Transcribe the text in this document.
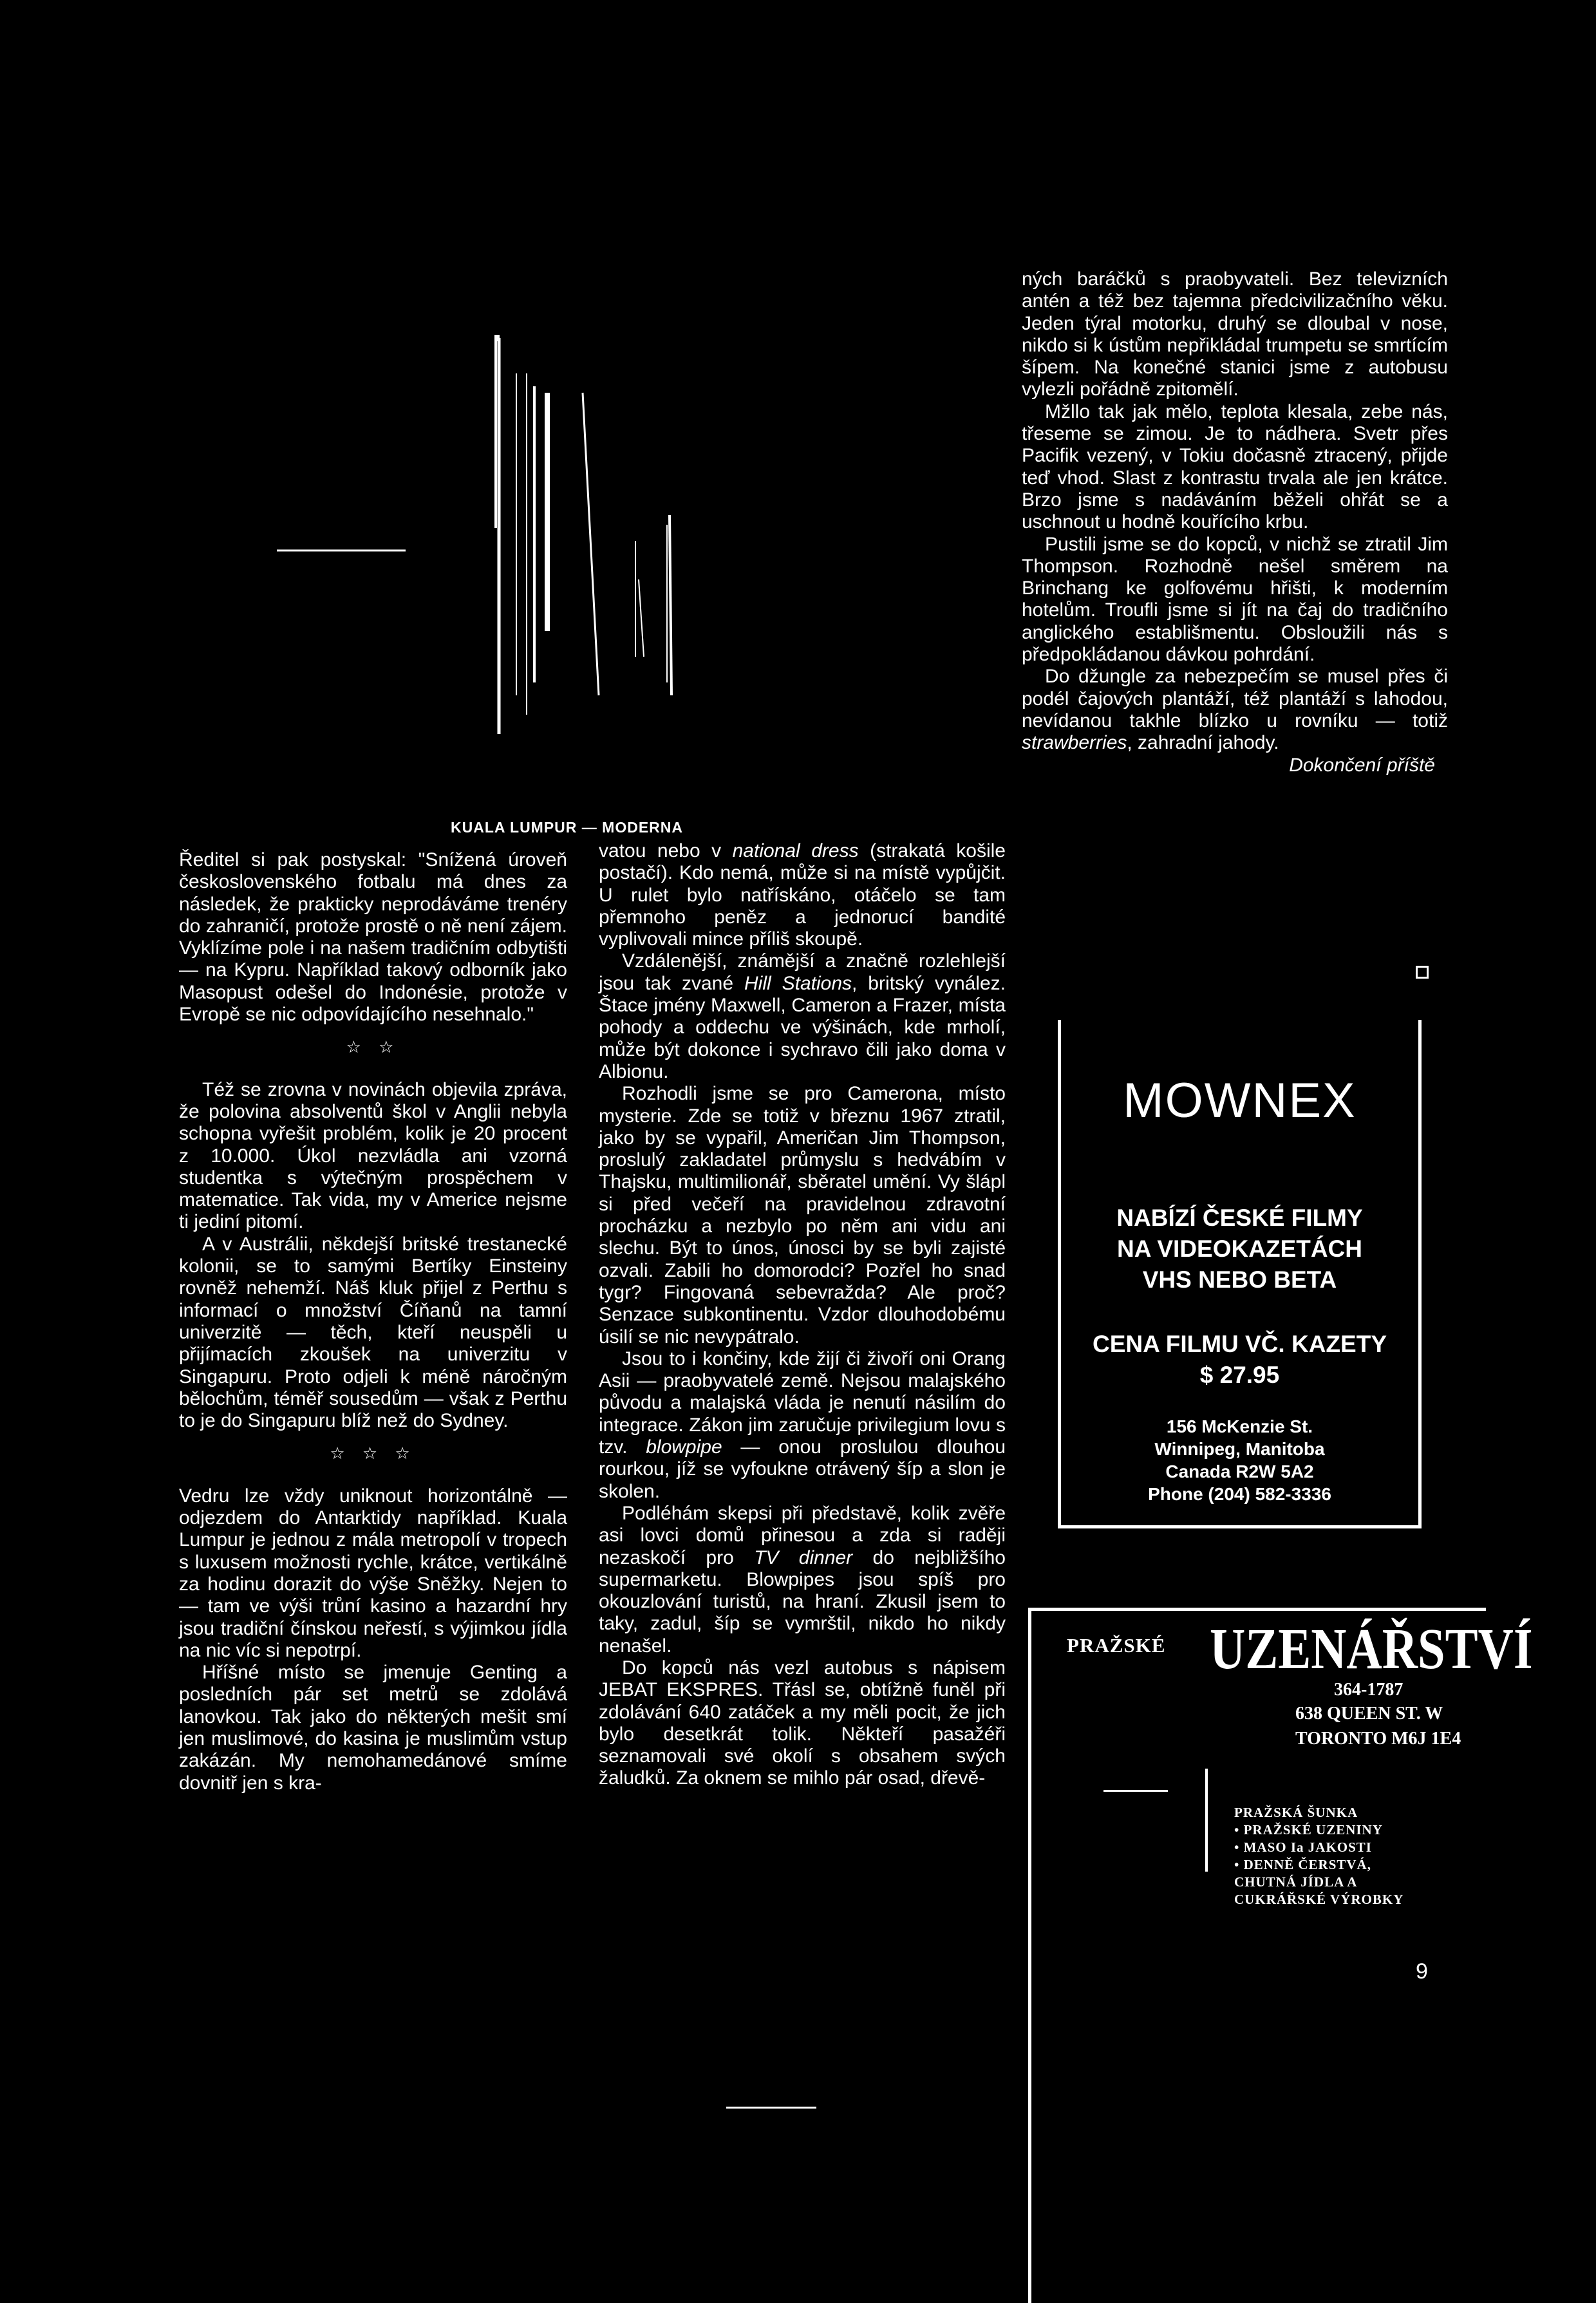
KUALA LUMPUR — MODERNA

Ředitel si pak postyskal: "Snížená úroveň československého fotbalu má dnes za následek, že prakticky neprodáváme trenéry do zahraničí, protože prostě o ně není zájem. Vyklízíme pole i na našem tradičním odbytišti — na Kypru. Například takový odborník jako Masopust odešel do Indonésie, protože v Evropě se nic odpovídajícího nesehnalo."

☆ ☆

Též se zrovna v novinách objevila zpráva, že polovina absolventů škol v Anglii nebyla schopna vyřešit problém, kolik je 20 procent z 10.000. Úkol nezvládla ani vzorná studentka s výtečným prospěchem v matematice. Tak vida, my v Americe nejsme ti jediní pitomí.

A v Austrálii, někdejší britské trestanecké kolonii, se to samými Bertíky Einsteiny rovněž nehemží. Náš kluk přijel z Perthu s informací o množství Číňanů na tamní univerzitě — těch, kteří neuspěli u přijímacích zkoušek na univerzitu v Singapuru. Proto odjeli k méně náročným bělochům, téměř sousedům — však z Perthu to je do Singapuru blíž než do Sydney.

☆ ☆ ☆

Vedru lze vždy uniknout horizontálně — odjezdem do Antarktidy například. Kuala Lumpur je jednou z mála metropolí v tropech s luxusem možnosti rychle, krátce, vertikálně za hodinu dorazit do výše Sněžky. Nejen to — tam ve výši trůní kasino a hazardní hry jsou tradiční čínskou neřestí, s výjimkou jídla na nic víc si nepotrpí.

Hříšné místo se jmenuje Genting a posledních pár set metrů se zdolává lanovkou. Tak jako do některých mešit smí jen muslimové, do kasina je muslimům vstup zakázán. My nemohamedánové smíme dovnitř jen s kra-

vatou nebo v national dress (strakatá košile postačí). Kdo nemá, může si na místě vypůjčit. U rulet bylo natřískáno, otáčelo se tam přemnoho peněz a jednorucí bandité vyplivovali mince příliš skoupě.

Vzdálenější, známější a značně rozlehlejší jsou tak zvané Hill Stations, britský vynález. Štace jmény Maxwell, Cameron a Frazer, místa pohody a oddechu ve výšinách, kde mrholí, může být dokonce i sychravo čili jako doma v Albionu.

Rozhodli jsme se pro Camerona, místo mysterie. Zde se totiž v březnu 1967 ztratil, jako by se vypařil, Američan Jim Thompson, proslulý zakladatel průmyslu s hedvábím v Thajsku, multimilionář, sběratel umění. Vy šlápl si před večeří na pravidelnou zdravotní procházku a nezbylo po něm ani vidu ani slechu. Být to únos, únosci by se byli zajisté ozvali. Zabili ho domorodci? Pozřel ho snad tygr? Fingovaná sebevražda? Ale proč? Senzace subkontinentu. Vzdor dlouhodobému úsilí se nic nevypátralo.

Jsou to i končiny, kde žijí či živoří oni Orang Asii — praobyvatelé země. Nejsou malajského původu a malajská vláda je nenutí násilím do integrace. Zákon jim zaručuje privilegium lovu s tzv. blowpipe — onou proslulou dlouhou rourkou, jíž se vyfoukne otrávený šíp a slon je skolen.

Podléhám skepsi při představě, kolik zvěře asi lovci domů přinesou a zda si raději nezaskočí pro TV dinner do nejbližšího supermarketu. Blowpipes jsou spíš pro okouzlování turistů, na hraní. Zkusil jsem to taky, zadul, šíp se vymrštil, nikdo ho nikdy nenašel.

Do kopců nás vezl autobus s nápisem JEBAT EKSPRES. Třásl se, obtížně funěl při zdolávání 640 zatáček a my měli pocit, že jich bylo desetkrát tolik. Někteří pasažéři seznamovali své okolí s obsahem svých žaludků. Za oknem se mihlo pár osad, dřevě-

ných baráčků s praobyvateli. Bez televizních antén a též bez tajemna předcivilizačního věku. Jeden týral motorku, druhý se dloubal v nose, nikdo si k ústům nepřikládal trumpetu se smrtícím šípem. Na konečné stanici jsme z autobusu vylezli pořádně zpitomělí.

Mžllo tak jak mělo, teplota klesala, zebe nás, třeseme se zimou. Je to nádhera. Svetr přes Pacifik vezený, v Tokiu dočasně ztracený, přijde teď vhod. Slast z kontrastu trvala ale jen krátce. Brzo jsme s nadáváním běželi ohřát se a uschnout u hodně kouřícího krbu.

Pustili jsme se do kopců, v nichž se ztratil Jim Thompson. Rozhodně nešel směrem na Brinchang ke golfovému hřišti, k moderním hotelům. Troufli jsme si jít na čaj do tradičního anglického establišmentu. Obsloužili nás s předpokládanou dávkou pohrdání.

Do džungle za nebezpečím se musel přes či podél čajových plantáží, též plantáží s lahodou, nevídanou takhle blízko u rovníku — totiž strawberries, zahradní jahody.

Dokončení příště
MOWNEX
NABÍZÍ ČESKÉ FILMY
NA VIDEOKAZETÁCH
VHS NEBO BETA
CENA FILMU VČ. KAZETY
$ 27.95
156 McKenzie St.
Winnipeg, Manitoba
Canada R2W 5A2
Phone (204) 582-3336
PRAŽSKÉ UZENÁŘSTVÍ
364-1787
638 QUEEN ST. W
TORONTO M6J 1E4
PRAŽSKÁ ŠUNKA
• PRAŽSKÉ UZENINY
• MASO Ia JAKOSTI
• DENNĚ ČERSTVÁ,
CHUTNÁ JÍDLA A
CUKRÁŘSKÉ VÝROBKY
9
